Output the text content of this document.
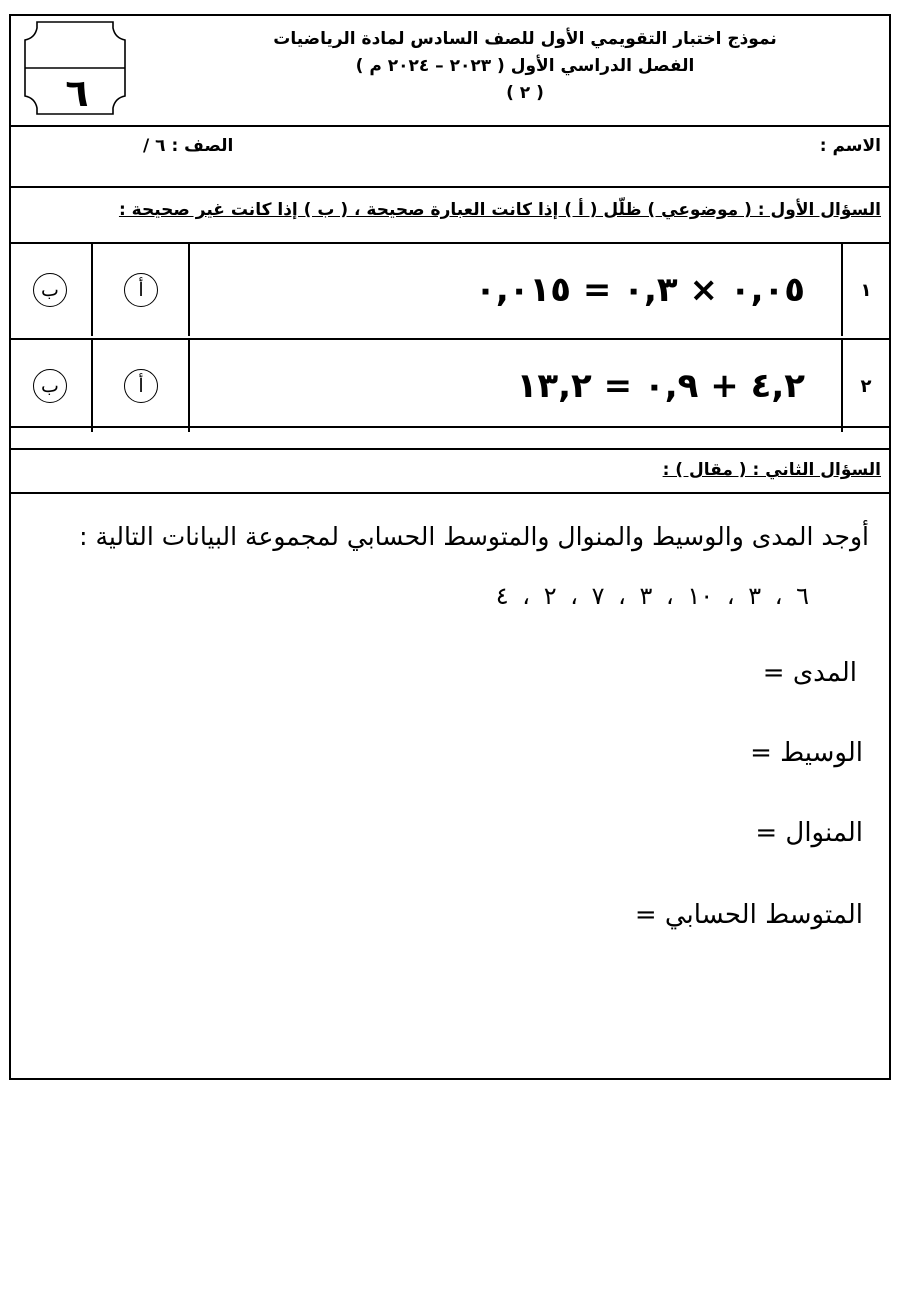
٦
نموذج اختبار التقويمي الأول للصف السادس لمادة الرياضيات
الفصل الدراسي الأول ( ٢٠٢٣ – ٢٠٢٤ م )
( ٢ )
الاسم :
الصف : ٦ /
السؤال الأول : ( موضوعي ) ظلّل ( أ ) إذا كانت العبارة صحيحة ، ( ب ) إذا كانت غير صحيحة :
١
٠,٠٥ × ٠,٣ = ٠,٠١٥
أ
ب
٢
٤,٢ + ٠,٩ = ١٣,٢
أ
ب
السؤال الثاني : ( مقال ) :
أوجد المدى والوسيط والمنوال والمتوسط الحسابي لمجموعة البيانات التالية :
٦ ، ٣ ، ١٠ ، ٣ ، ٧ ، ٢ ، ٤
المدى =
الوسيط =
المنوال =
المتوسط الحسابي =
